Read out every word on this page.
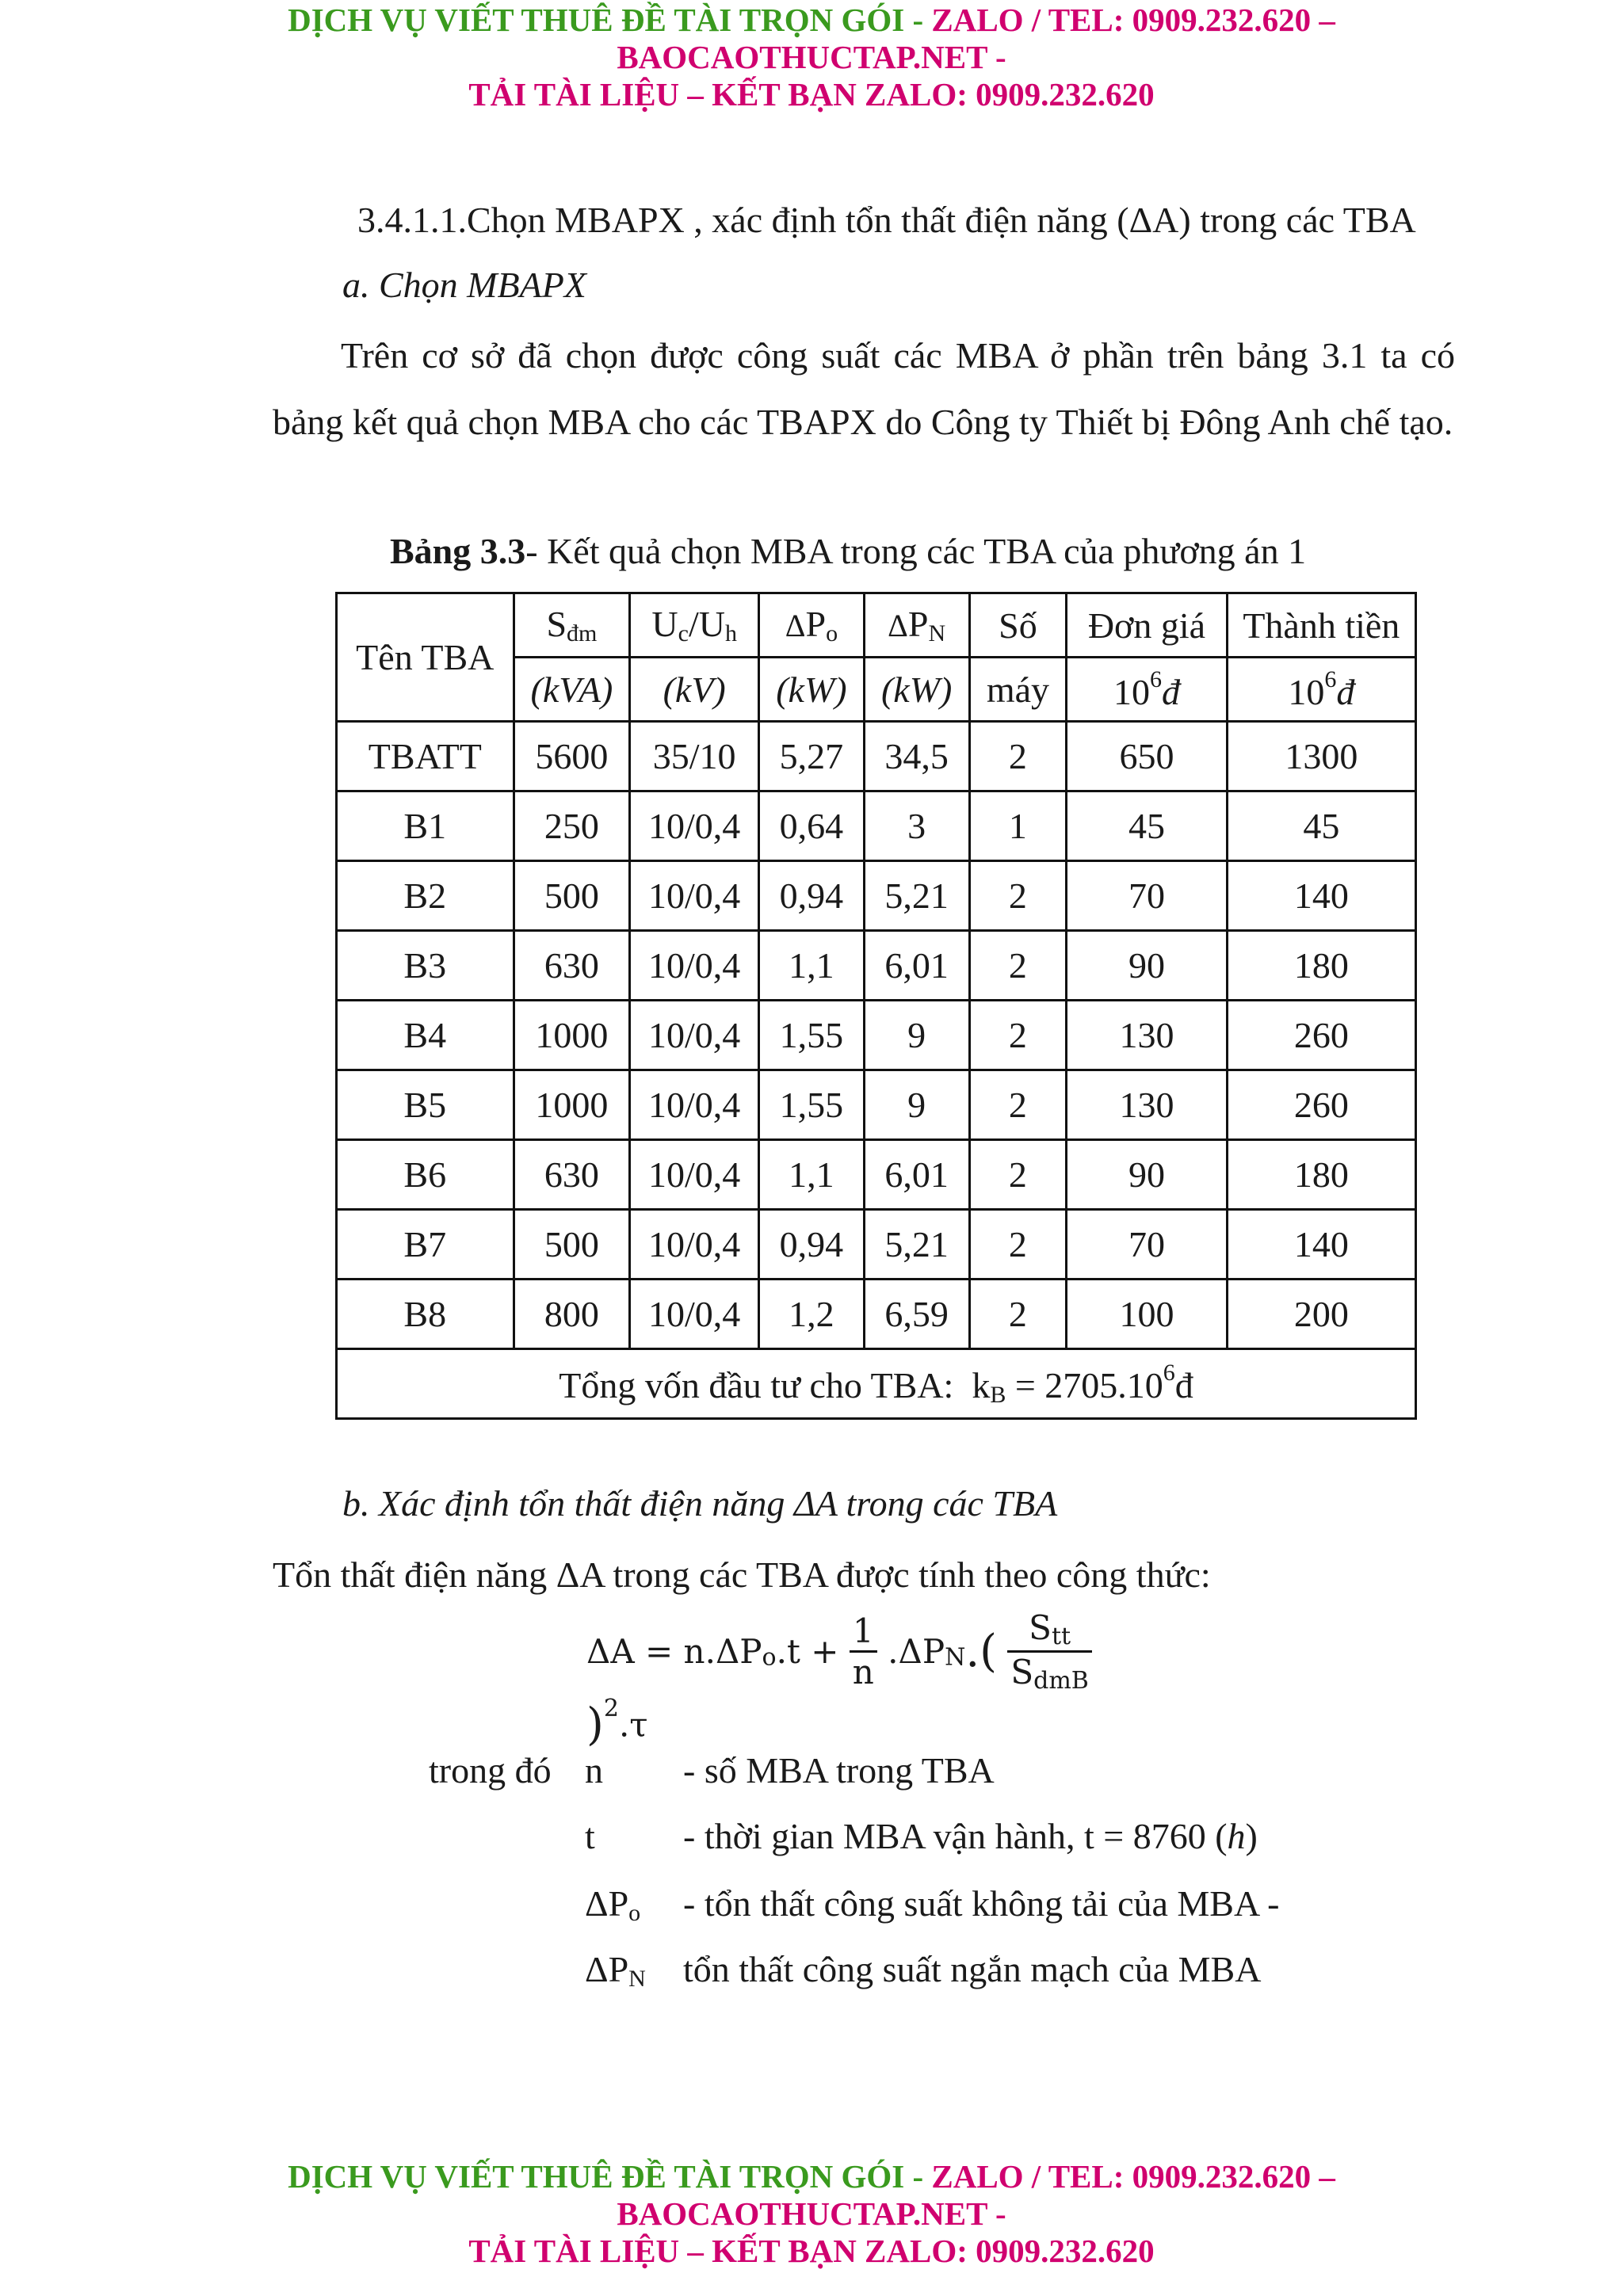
DỊCH VỤ VIẾT THUÊ ĐỀ TÀI TRỌN GÓI - ZALO / TEL: 0909.232.620 –
BAOCAOTHUCTAP.NET -
TẢI TÀI LIỆU – KẾT BẠN ZALO: 0909.232.620
3.4.1.1.Chọn MBAPX , xác định tổn thất điện năng (ΔA) trong các TBA
a. Chọn MBAPX
Trên cơ sở đã chọn được công suất các MBA ở phần trên bảng 3.1 ta có
bảng kết quả chọn MBA cho các TBAPX do Công ty Thiết bị Đông Anh chế tạo.
Bảng 3.3- Kết quả chọn MBA trong các TBA của phương án 1
Tên TBA	$S_{đm}$	$U_c/U_h$	$\Delta P_o$	$\Delta P_N$	Số	Đơn giá	Thành tiền
	(kVA)	(kV)	(kW)	(kW)	máy	$10^6đ$	$10^6đ$
TBATT	5600	35/10	5,27	34,5	2	650	1300
B1	250	10/0,4	0,64	3	1	45	45
B2	500	10/0,4	0,94	5,21	2	70	140
B3	630	10/0,4	1,1	6,01	2	90	180
B4	1000	10/0,4	1,55	9	2	130	260
B5	1000	10/0,4	1,55	9	2	130	260
B6	630	10/0,4	1,1	6,01	2	90	180
B7	500	10/0,4	0,94	5,21	2	70	140
B8	800	10/0,4	1,2	6,59	2	100	200
Tổng vốn đầu tư cho TBA: $k_B$ = $2705.10^6đ$							
b. Xác định tổn thất điện năng ΔA trong các TBA
Tổn thất điện năng ΔA trong các TBA được tính theo công thức:
$\Delta A = n.\Delta P_o.t + \frac{1}{n} .\Delta P_N.( \frac{S_{tt}}{S_{dmB}}$
)$^2$.τ
trong đó n - số MBA trong TBA
t - thời gian MBA vận hành, t = 8760 (h)
$\Delta P_o$ - tổn thất công suất không tải của MBA -
$\Delta P_N$ tổn thất công suất ngắn mạch của MBA
DỊCH VỤ VIẾT THUÊ ĐỀ TÀI TRỌN GÓI - ZALO / TEL: 0909.232.620 –
BAOCAOTHUCTAP.NET -
TẢI TÀI LIỆU – KẾT BẠN ZALO: 0909.232.620
